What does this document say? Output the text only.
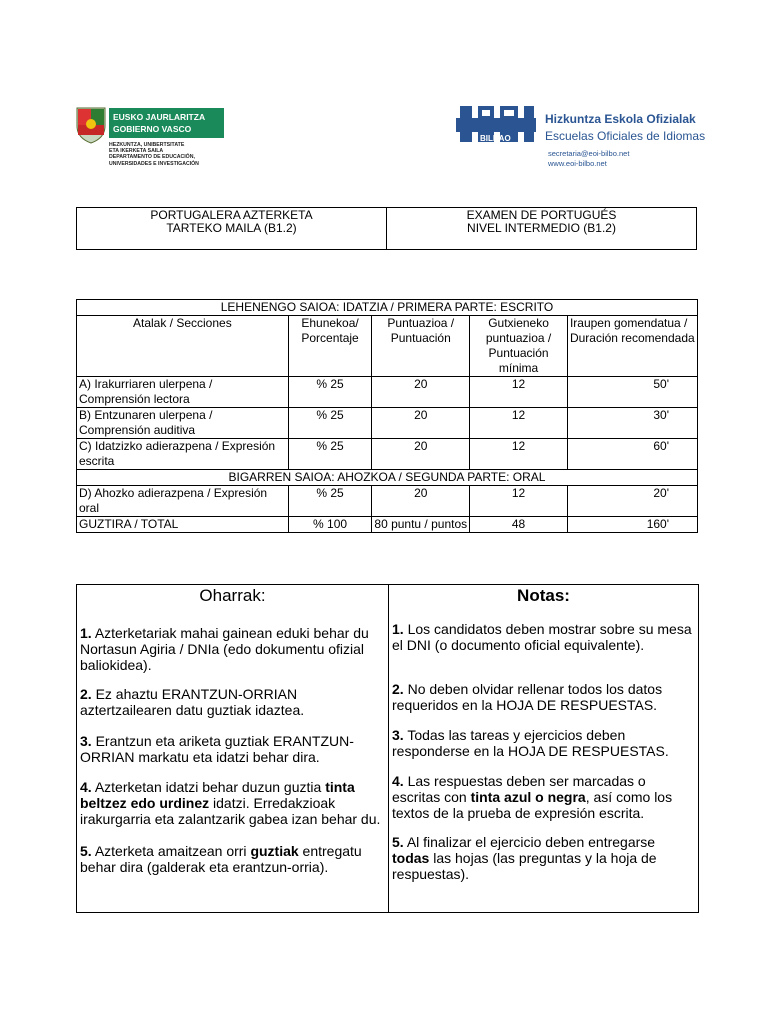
EUSKO JAURLARITZA
GOBIERNO VASCO
HEZKUNTZA, UNIBERTSITATE
ETA IKERKETA SAILA
DEPARTAMENTO DE EDUCACIÓN,
UNIVERSIDADES E INVESTIGACIÓN
BILBAO
Hizkuntza Eskola Ofizialak
Escuelas Oficiales de Idiomas
secretaria@eoi-bilbo.net
www.eoi-bilbo.net
PORTUGALERA AZTERKETA
TARTEKO MAILA (B1.2)
EXAMEN DE PORTUGUÉS
NIVEL INTERMEDIO (B1.2)
LEHENENGO SAIOA: IDATZIA / PRIMERA PARTE: ESCRITO				
Atalak / Secciones	Ehunekoa/ Porcentaje	Puntuazioa / Puntuación	Gutxieneko puntuazioa / Puntuación mínima	Iraupen gomendatua / Duración recomendada
A) Irakurriaren ulerpena / Comprensión lectora	% 25	20	12	50'
B) Entzunaren ulerpena / Comprensión auditiva	% 25	20	12	30'
C) Idatzizko adierazpena / Expresión escrita	% 25	20	12	60'
BIGARREN SAIOA: AHOZKOA / SEGUNDA PARTE: ORAL				
D) Ahozko adierazpena / Expresión oral	% 25	20	12	20'
GUZTIRA / TOTAL	% 100	80 puntu / puntos	48	160'
Oharrak:

1. Azterketariak mahai gainean eduki behar du Nortasun Agiria / DNIa (edo dokumentu ofizial baliokidea).

2. Ez ahaztu ERANTZUN-ORRIAN aztertzailearen datu guztiak idaztea.

3. Erantzun eta ariketa guztiak ERANTZUN-ORRIAN markatu eta idatzi behar dira.

4. Azterketan idatzi behar duzun guztia tinta beltzez edo urdinez idatzi. Erredakzioak irakurgarria eta zalantzarik gabea izan behar du.

5. Azterketa amaitzean orri guztiak entregatu behar dira (galderak eta erantzun-orria).

Notas:

1. Los candidatos deben mostrar sobre su mesa el DNI (o documento oficial equivalente).

2. No deben olvidar rellenar todos los datos requeridos en la HOJA DE RESPUESTAS.

3. Todas las tareas y ejercicios deben responderse en la HOJA DE RESPUESTAS.

4. Las respuestas deben ser marcadas o escritas con tinta azul o negra, así como los textos de la prueba de expresión escrita.

5. Al finalizar el ejercicio deben entregarse todas las hojas (las preguntas y la hoja de respuestas).
